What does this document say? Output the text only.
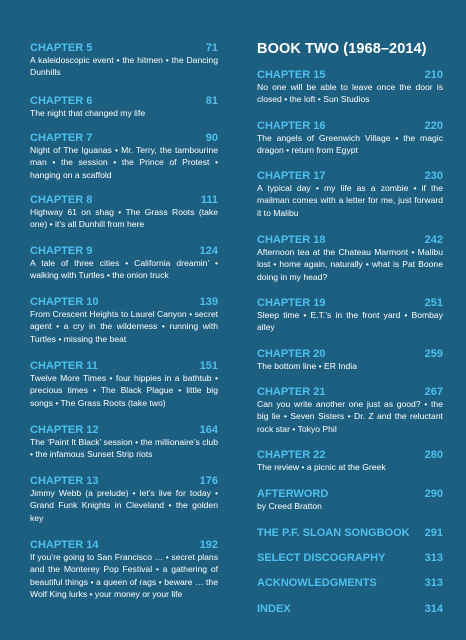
CHAPTER 5	71
A kaleidoscopic event • the hitmen • the Dancing Dunhills
CHAPTER 6	81
The night that changed my life
CHAPTER 7	90
Night of The Iguanas • Mr. Terry, the tambourine man • the session • the Prince of Protest • hanging on a scaffold
CHAPTER 8	111
Highway 61 on shag • The Grass Roots (take one) • it’s all Dunhill from here
CHAPTER 9	124
A tale of three cities • California dreamin’ • walking with Turtles • the onion truck
CHAPTER 10	139
From Crescent Heights to Laurel Canyon • secret agent • a cry in the wilderness • running with Turtles • missing the beat
CHAPTER 11	151
Twelve More Times • four hippies in a bathtub • precious times • The Black Plague • little big songs • The Grass Roots (take two)
CHAPTER 12	164
The ‘Paint It Black’ session • the millionaire’s club • the infamous Sunset Strip riots
CHAPTER 13	176
Jimmy Webb (a prelude) • let’s live for today • Grand Funk Knights in Cleveland • the golden key
CHAPTER 14	192
If you’re going to San Francisco … • secret plans and the Monterey Pop Festival • a gathering of beautiful things • a queen of rags • beware … the Wolf King lurks • your money or your life
BOOK TWO (1968–2014)
CHAPTER 15	210
No one will be able to leave once the door is closed • the loft • Sun Studios
CHAPTER 16	220
The angels of Greenwich Village • the magic dragon • return from Egypt
CHAPTER 17	230
A typical day • my life as a zombie • if the mailman comes with a letter for me, just forward it to Malibu
CHAPTER 18	242
Afternoon tea at the Chateau Marmont • Malibu lost • home again, naturally • what is Pat Boone doing in my head?
CHAPTER 19	251
Sleep time • E.T.’s in the front yard • Bombay alley
CHAPTER 20	259
The bottom line • ER India
CHAPTER 21	267
Can you write another one just as good? • the big lie • Seven Sisters • Dr. Z and the reluctant rock star • Tokyo Phil
CHAPTER 22	280
The review • a picnic at the Greek
AFTERWORD	290
by Creed Bratton
THE P.F. SLOAN SONGBOOK 291
SELECT DISCOGRAPHY	313
ACKNOWLEDGMENTS	313
INDEX	314
